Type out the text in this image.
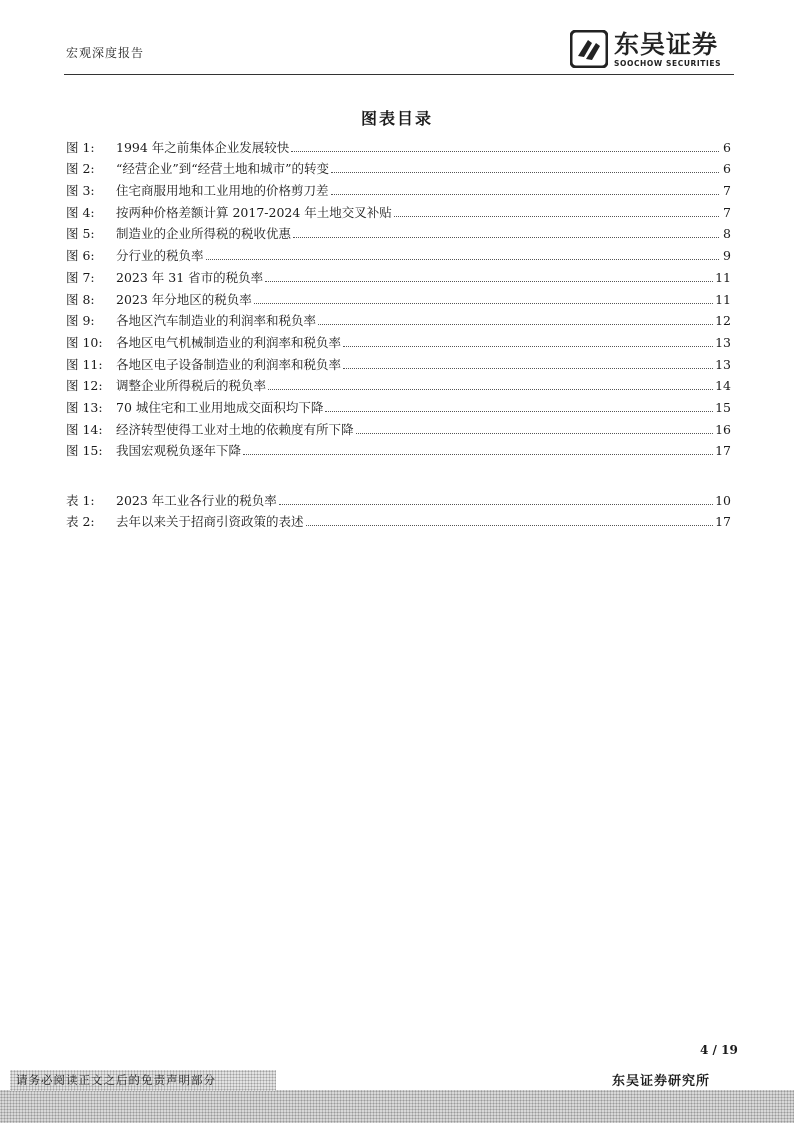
宏观深度报告	东吴证券
SOOCHOW SECURITIES
图表目录
图 1:	1994 年之前集体企业发展较快	6
图 2:	“经营企业”到“经营土地和城市”的转变	6
图 3:	住宅商服用地和工业用地的价格剪刀差	7
图 4:	按两种价格差额计算 2017-2024 年土地交叉补贴	7
图 5:	制造业的企业所得税的税收优惠	8
图 6:	分行业的税负率	9
图 7:	2023 年 31 省市的税负率	11
图 8:	2023 年分地区的税负率	11
图 9:	各地区汽车制造业的利润率和税负率	12
图 10:	各地区电气机械制造业的利润率和税负率	13
图 11:	各地区电子设备制造业的利润率和税负率	13
图 12:	调整企业所得税后的税负率	14
图 13:	70 城住宅和工业用地成交面积均下降	15
图 14:	经济转型使得工业对土地的依赖度有所下降	16
图 15:	我国宏观税负逐年下降	17
表 1:	2023 年工业各行业的税负率	10
表 2:	去年以来关于招商引资政策的表述	17
4 / 19
请务必阅读正文之后的免责声明部分	东吴证券研究所
